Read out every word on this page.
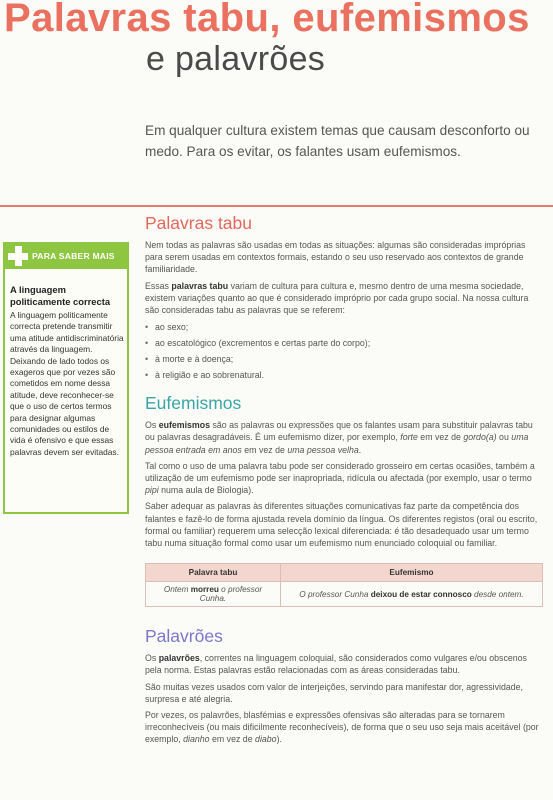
Palavras tabu, eufemismos
e palavrões
Em qualquer cultura existem temas que causam desconforto ou medo. Para os evitar, os falantes usam eufemismos.
PARA SABER MAIS
A linguagem politicamente correcta
A linguagem politicamente correcta pretende transmitir uma atitude antidiscriminatória através da linguagem. Deixando de lado todos os exageros que por vezes são cometidos em nome dessa atitude, deve reconhecer-se que o uso de certos termos para designar algumas comunidades ou estilos de vida é ofensivo e que essas palavras devem ser evitadas.
Palavras tabu

Nem todas as palavras são usadas em todas as situações: algumas são consideradas impróprias para serem usadas em contextos formais, estando o seu uso reservado aos contextos de grande familiaridade.

Essas palavras tabu variam de cultura para cultura e, mesmo dentro de uma mesma sociedade, existem variações quanto ao que é considerado impróprio por cada grupo social. Na nossa cultura são consideradas tabu as palavras que se referem:

• ao sexo;
• ao escatológico (excrementos e certas parte do corpo);
• à morte e à doença;
• à religião e ao sobrenatural.
Eufemismos

Os eufemismos são as palavras ou expressões que os falantes usam para substituir palavras tabu ou palavras desagradáveis. É um eufemismo dizer, por exemplo, forte em vez de gordo(a) ou uma pessoa entrada em anos em vez de uma pessoa velha.

Tal como o uso de uma palavra tabu pode ser considerado grosseiro em certas ocasiões, também a utilização de um eufemismo pode ser inapropriada, ridícula ou afectada (por exemplo, usar o termo pipi numa aula de Biologia).

Saber adequar as palavras às diferentes situações comunicativas faz parte da competência dos falantes e fazê-lo de forma ajustada revela domínio da língua. Os diferentes registos (oral ou escrito, formal ou familiar) requerem uma selecção lexical diferenciada: é tão desadequado usar um termo tabu numa situação formal como usar um eufemismo num enunciado coloquial ou familiar.

Palavra tabu	Eufemismo
Ontem morreu o professor Cunha.	O professor Cunha deixou de estar connosco desde ontem.
Palavrões

Os palavrões, correntes na linguagem coloquial, são considerados como vulgares e/ou obscenos pela norma. Estas palavras estão relacionadas com as áreas consideradas tabu.

São muitas vezes usados com valor de interjeições, servindo para manifestar dor, agressividade, surpresa e até alegria.

Por vezes, os palavrões, blasfémias e expressões ofensivas são alteradas para se tornarem irreconhecíveis (ou mais dificilmente reconhecíveis), de forma que o seu uso seja mais aceitável (por exemplo, dianho em vez de diabo).
